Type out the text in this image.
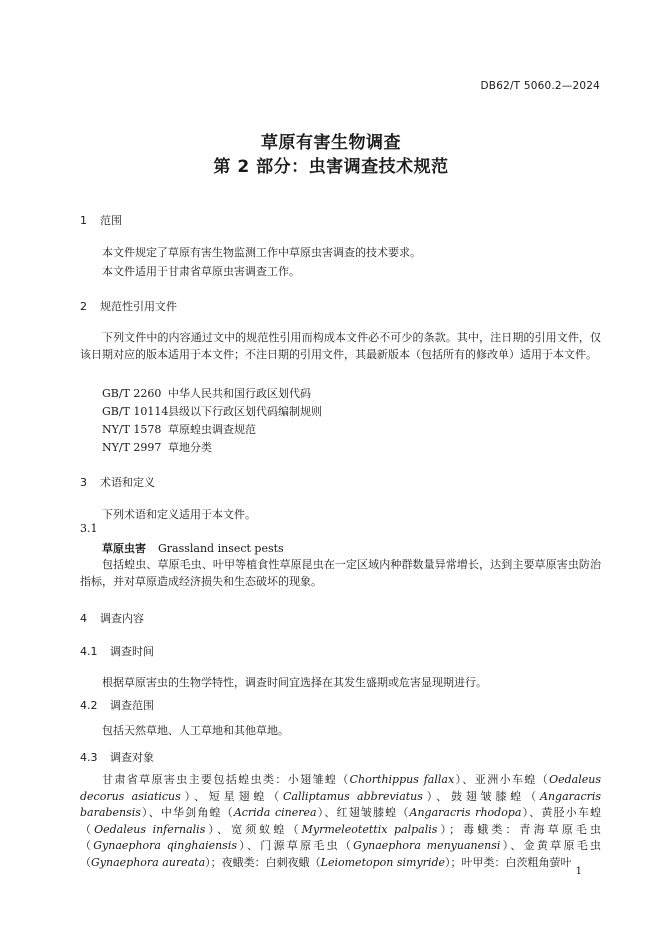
DB62/T 5060.2—2024
草原有害生物调查
第 2 部分：虫害调查技术规范
1 范围
本文件规定了草原有害生物监测工作中草原虫害调查的技术要求。
本文件适用于甘肃省草原虫害调查工作。
2 规范性引用文件
下列文件中的内容通过文中的规范性引用而构成本文件必不可少的条款。其中，注日期的引用文件，仅该日期对应的版本适用于本文件；不注日期的引用文件，其最新版本（包括所有的修改单）适用于本文件。
GB/T 2260 中华人民共和国行政区划代码
GB/T 10114县级以下行政区划代码编制规则
NY/T 1578 草原蝗虫调查规范
NY/T 2997 草地分类
3 术语和定义
下列术语和定义适用于本文件。
3.1
草原虫害 Grassland insect pests
包括蝗虫、草原毛虫、叶甲等植食性草原昆虫在一定区域内种群数量异常增长，达到主要草原害虫防治指标，并对草原造成经济损失和生态破坏的现象。
4 调查内容
4.1 调查时间
根据草原害虫的生物学特性，调查时间宜选择在其发生盛期或危害显现期进行。
4.2 调查范围
包括天然草地、人工草地和其他草地。
4.3 调查对象
甘肃省草原害虫主要包括蝗虫类：小翅雏蝗（Chorthippus fallax）、亚洲小车蝗（Oedaleus decorus asiaticus）、短星翅蝗（Calliptamus abbreviatus）、鼓翅皱膝蝗（Angaracris barabensis）、中华剑角蝗（Acrida cinerea）、红翅皱膝蝗（Angaracris rhodopa）、黄胫小车蝗（Oedaleus infernalis）、宽须蚁蝗（Myrmeleotettix palpalis）；毒蛾类：青海草原毛虫（Gynaephora qinghaiensis）、门源草原毛虫（Gynaephora menyuanensi）、金黄草原毛虫（Gynaephora aureata）；夜蛾类：白刺夜蛾（Leiometopon simyride）；叶甲类：白茨粗角萤叶
1
